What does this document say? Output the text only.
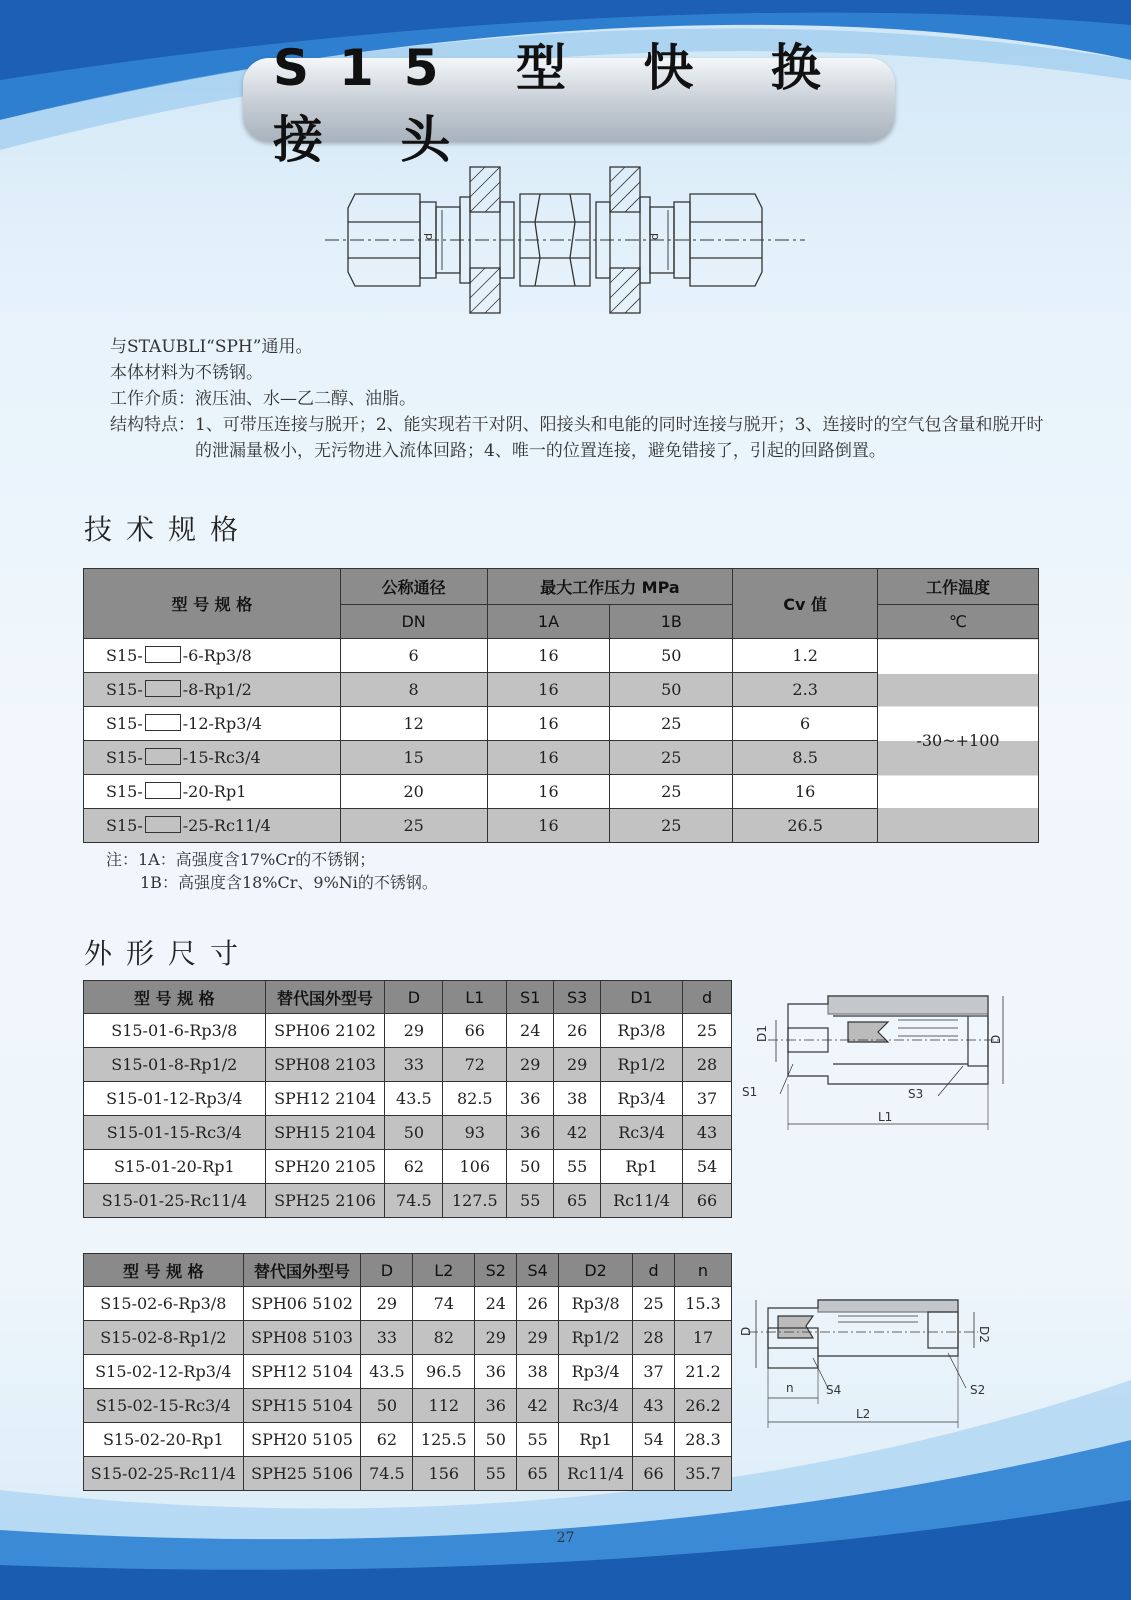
S15 型 快 换 接 头
d	d
与STAUBLI“SPH”通用。
本体材料为不锈钢。
工作介质：液压油、水—乙二醇、油脂。
结构特点： 1、可带压连接与脱开；2、能实现若干对阴、阳接头和电能的同时连接与脱开；3、连接时的空气包含量和脱开时的泄漏量极小，无污物进入流体回路；4、唯一的位置连接，避免错接了，引起的回路倒置。
技术规格
型 号 规 格	公称通径	最大工作压力 MPa		Cv 值	工作温度
	DN	1A	1B		℃
S15- -6-Rp3/8	6	16	50	1.2	-30~+100
S15- -8-Rp1/2	8	16	50	2.3	
S15- -12-Rp3/4	12	16	25	6	
S15- -15-Rc3/4	15	16	25	8.5	
S15- -20-Rp1	20	16	25	16	
S15- -25-Rc11/4	25	16	25	26.5	
注：1A：高强度含17%Cr的不锈钢；
1B：高强度含18%Cr、9%Ni的不锈钢。
外形尺寸
型 号 规 格	替代国外型号	D	L1	S1	S3	D1	d
S15-01-6-Rp3/8	SPH06 2102	29	66	24	26	Rp3/8	25
S15-01-8-Rp1/2	SPH08 2103	33	72	29	29	Rp1/2	28
S15-01-12-Rp3/4	SPH12 2104	43.5	82.5	36	38	Rp3/4	37
S15-01-15-Rc3/4	SPH15 2104	50	93	36	42	Rc3/4	43
S15-01-20-Rp1	SPH20 2105	62	106	50	55	Rp1	54
S15-01-25-Rc11/4	SPH25 2106	74.5	127.5	55	65	Rc11/4	66
D1	D
S1	S3
L1
型 号 规 格	替代国外型号	D	L2	S2	S4	D2	d	n
S15-02-6-Rp3/8	SPH06 5102	29	74	24	26	Rp3/8	25	15.3
S15-02-8-Rp1/2	SPH08 5103	33	82	29	29	Rp1/2	28	17
S15-02-12-Rp3/4	SPH12 5104	43.5	96.5	36	38	Rp3/4	37	21.2
S15-02-15-Rc3/4	SPH15 5104	50	112	36	42	Rc3/4	43	26.2
S15-02-20-Rp1	SPH20 5105	62	125.5	50	55	Rp1	54	28.3
S15-02-25-Rc11/4	SPH25 5106	74.5	156	55	65	Rc11/4	66	35.7
D	D2
n	S4	S2
L2
27
